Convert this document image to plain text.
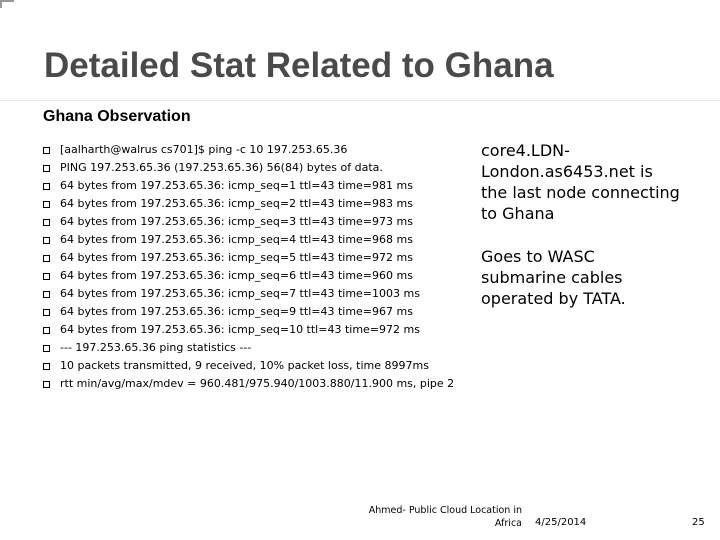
Detailed Stat Related to Ghana
Ghana Observation
[aalharth@walrus cs701]$ ping -c 10 197.253.65.36
PING 197.253.65.36 (197.253.65.36) 56(84) bytes of data.
64 bytes from 197.253.65.36: icmp_seq=1 ttl=43 time=981 ms
64 bytes from 197.253.65.36: icmp_seq=2 ttl=43 time=983 ms
64 bytes from 197.253.65.36: icmp_seq=3 ttl=43 time=973 ms
64 bytes from 197.253.65.36: icmp_seq=4 ttl=43 time=968 ms
64 bytes from 197.253.65.36: icmp_seq=5 ttl=43 time=972 ms
64 bytes from 197.253.65.36: icmp_seq=6 ttl=43 time=960 ms
64 bytes from 197.253.65.36: icmp_seq=7 ttl=43 time=1003 ms
64 bytes from 197.253.65.36: icmp_seq=9 ttl=43 time=967 ms
64 bytes from 197.253.65.36: icmp_seq=10 ttl=43 time=972 ms
--- 197.253.65.36 ping statistics ---
10 packets transmitted, 9 received, 10% packet loss, time 8997ms
rtt min/avg/max/mdev = 960.481/975.940/1003.880/11.900 ms, pipe 2

core4.LDN-London.as6453.net is the last node connecting to Ghana

Goes to WASC submarine cables operated by TATA.

Ahmed- Public Cloud Location in Africa 4/25/2014	25
